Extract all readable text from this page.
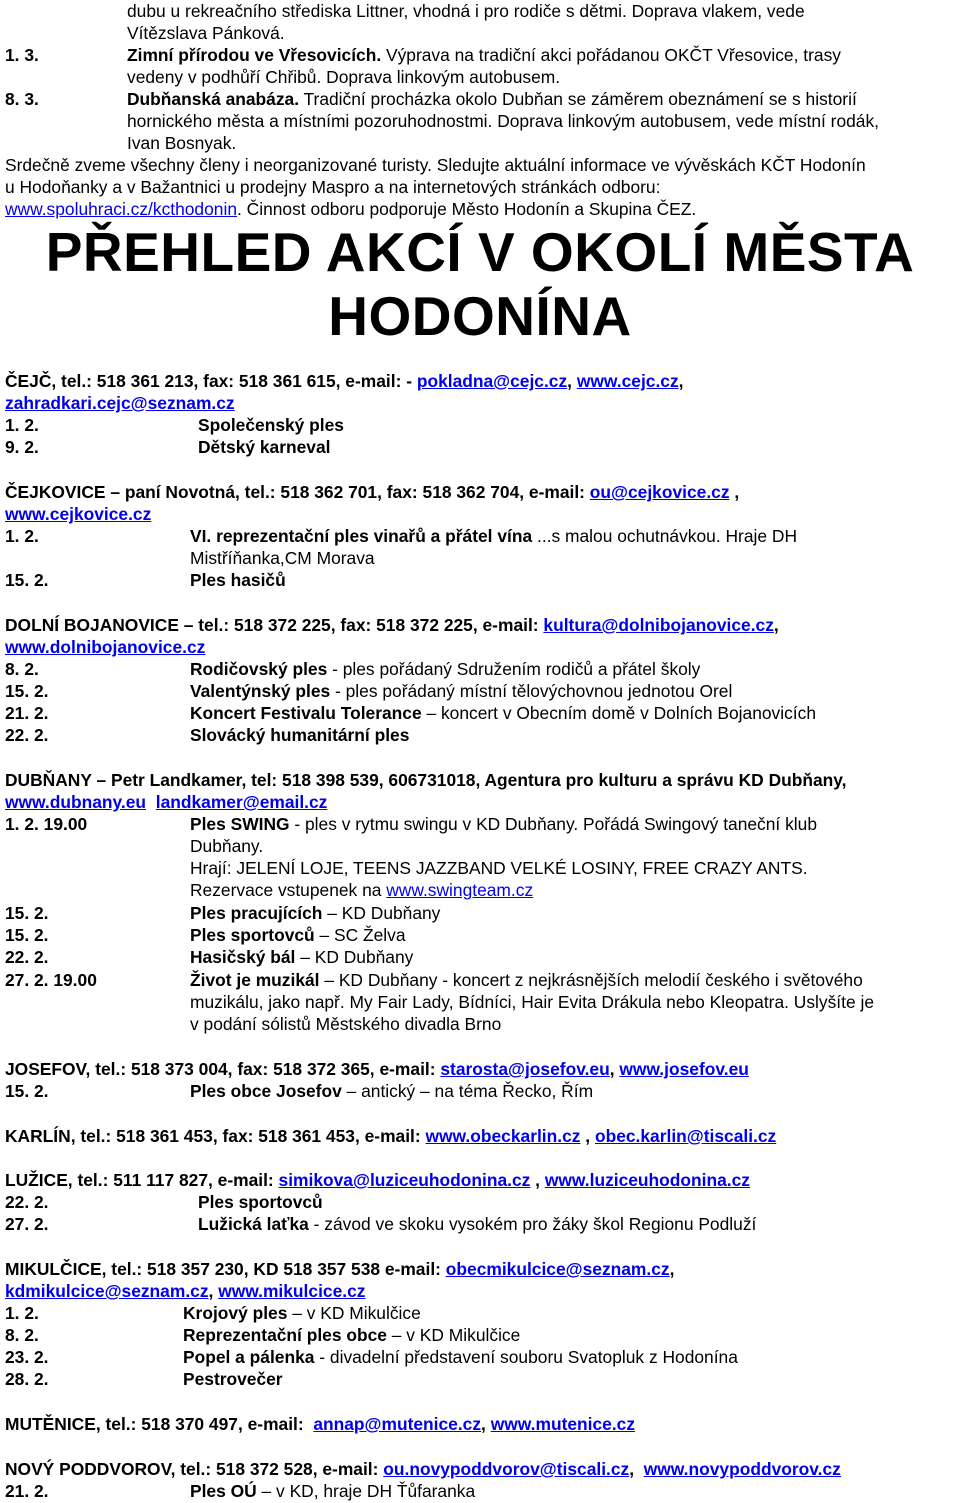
dubu u rekreačního střediska Littner, vhodná i pro rodiče s dětmi. Doprava vlakem, vede
Vítězslava Pánková.
1. 3.	Zimní přírodou ve Vřesovicích. Výprava na tradiční akci pořádanou OKČT Vřesovice, trasy
vedeny v podhůří Chřibů. Doprava linkovým autobusem.
8. 3.	Dubňanská anabáza. Tradiční procházka okolo Dubňan se záměrem obeznámení se s historií
hornického města a místními pozoruhodnostmi. Doprava linkovým autobusem, vede místní rodák,
Ivan Bosnyak.
Srdečně zveme všechny členy i neorganizované turisty. Sledujte aktuální informace ve vývěskách KČT Hodonín
u Hodoňanky a v Bažantnici u prodejny Maspro a na internetových stránkách odboru:
www.spoluhraci.cz/kcthodonin. Činnost odboru podporuje Město Hodonín a Skupina ČEZ.
PŘEHLED AKCÍ V OKOLÍ MĚSTA
HODONÍNA
ČEJČ, tel.: 518 361 213, fax: 518 361 615, e-mail: - pokladna@cejc.cz, www.cejc.cz,
zahradkari.cejc@seznam.cz
1. 2.	Společenský ples
9. 2.	Dětský karneval
ČEJKOVICE – paní Novotná, tel.: 518 362 701, fax: 518 362 704, e-mail: ou@cejkovice.cz ,
www.cejkovice.cz
1. 2.	VI. reprezentační ples vinařů a přátel vína ...s malou ochutnávkou. Hraje DH
Mistříňanka,CM Morava
15. 2.	Ples hasičů
DOLNÍ BOJANOVICE – tel.: 518 372 225, fax: 518 372 225, e-mail: kultura@dolnibojanovice.cz,
www.dolnibojanovice.cz
8. 2.	Rodičovský ples - ples pořádaný Sdružením rodičů a přátel školy
15. 2.	Valentýnský ples - ples pořádaný místní tělovýchovnou jednotou Orel
21. 2.	Koncert Festivalu Tolerance – koncert v Obecním domě v Dolních Bojanovicích
22. 2.	Slovácký humanitární ples
DUBŇANY – Petr Landkamer, tel: 518 398 539, 606731018, Agentura pro kulturu a správu KD Dubňany,
www.dubnany.eu landkamer@email.cz
1. 2. 19.00	Ples SWING - ples v rytmu swingu v KD Dubňany. Pořádá Swingový taneční klub
Dubňany.
Hrají: JELENÍ LOJE, TEENS JAZZBAND VELKÉ LOSINY, FREE CRAZY ANTS.
Rezervace vstupenek na www.swingteam.cz
15. 2.	Ples pracujících – KD Dubňany
15. 2.	Ples sportovců – SC Želva
22. 2.	Hasičský bál – KD Dubňany
27. 2. 19.00	Život je muzikál – KD Dubňany - koncert z nejkrásnějších melodií českého i světového
muzikálu, jako např. My Fair Lady, Bídníci, Hair Evita Drákula nebo Kleopatra. Uslyšíte je
v podání sólistů Městského divadla Brno
JOSEFOV, tel.: 518 373 004, fax: 518 372 365, e-mail: starosta@josefov.eu, www.josefov.eu
15. 2.	Ples obce Josefov – antický – na téma Řecko, Řím
KARLÍN, tel.: 518 361 453, fax: 518 361 453, e-mail: www.obeckarlin.cz , obec.karlin@tiscali.cz
LUŽICE, tel.: 511 117 827, e-mail: simikova@luziceuhodonina.cz , www.luziceuhodonina.cz
22. 2.	Ples sportovců
27. 2.	Lužická laťka - závod ve skoku vysokém pro žáky škol Regionu Podluží
MIKULČICE, tel.: 518 357 230, KD 518 357 538 e-mail: obecmikulcice@seznam.cz,
kdmikulcice@seznam.cz, www.mikulcice.cz
1. 2.	Krojový ples – v KD Mikulčice
8. 2.	Reprezentační ples obce – v KD Mikulčice
23. 2.	Popel a pálenka - divadelní představení souboru Svatopluk z Hodonína
28. 2.	Pestrovečer
MUTĚNICE, tel.: 518 370 497, e-mail:  annap@mutenice.cz, www.mutenice.cz
NOVÝ PODDVOROV, tel.: 518 372 528, e-mail: ou.novypoddvorov@tiscali.cz,  www.novypoddvorov.cz
21. 2.	Ples OÚ – v KD, hraje DH Ťůfaranka
